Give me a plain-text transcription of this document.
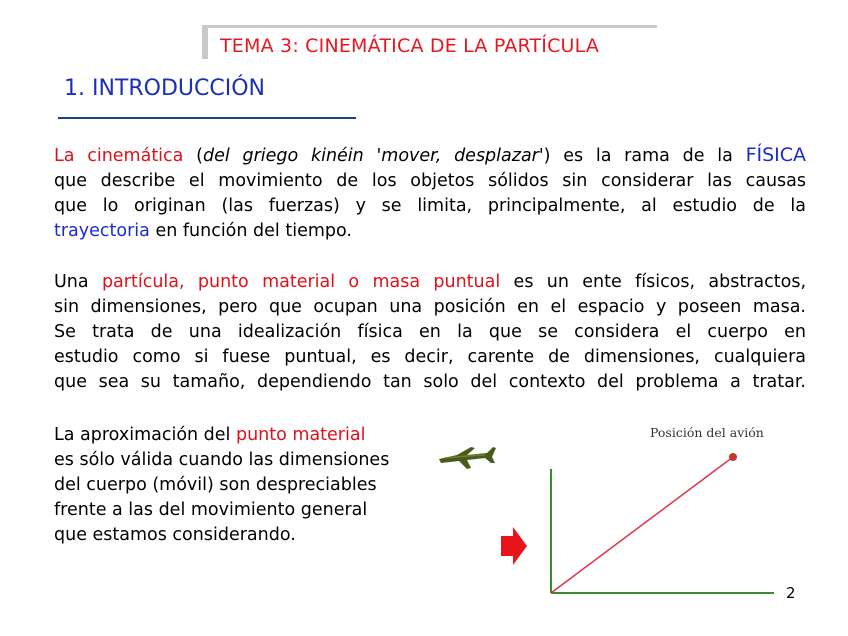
TEMA 3: CINEMÁTICA DE LA PARTÍCULA
1. INTRODUCCIÓN
La cinemática (del griego kinéin 'mover, desplazar') es la rama de la FÍSICA
que describe el movimiento de los objetos sólidos sin considerar las causas
que lo originan (las fuerzas) y se limita, principalmente, al estudio de la
trayectoria en función del tiempo.
Una partícula, punto material o masa puntual es un ente físicos, abstractos,
sin dimensiones, pero que ocupan una posición en el espacio y poseen masa.
Se trata de una idealización física en la que se considera el cuerpo en
estudio como si fuese puntual, es decir, carente de dimensiones, cualquiera
que sea su tamaño, dependiendo tan solo del contexto del problema a tratar.
La aproximación del punto material
es sólo válida cuando las dimensiones
del cuerpo (móvil) son despreciables
frente a las del movimiento general
que estamos considerando.
Posición del avión
2
